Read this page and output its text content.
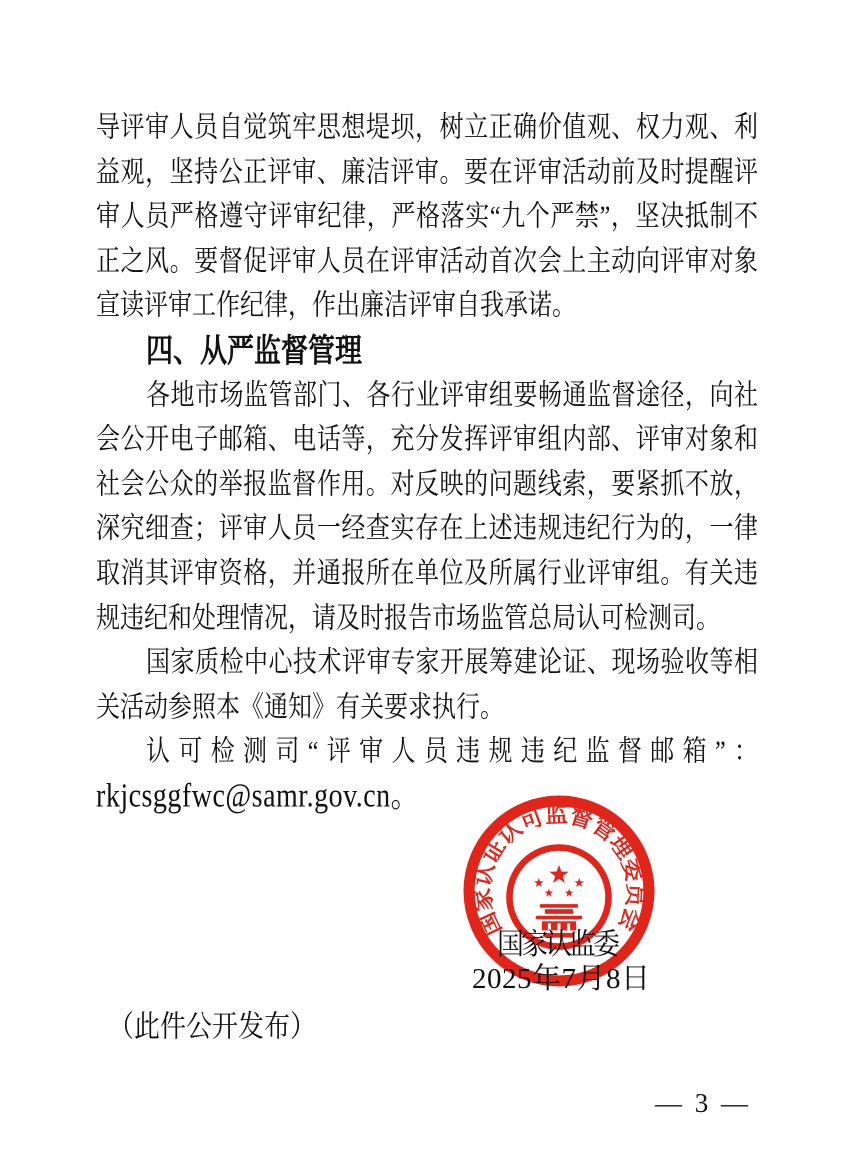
导评审人员自觉筑牢思想堤坝，树立正确价值观、权力观、利
益观，坚持公正评审、廉洁评审。要在评审活动前及时提醒评
审人员严格遵守评审纪律，严格落实“九个严禁”，坚决抵制不
正之风。要督促评审人员在评审活动首次会上主动向评审对象
宣读评审工作纪律，作出廉洁评审自我承诺。
四、从严监督管理
各地市场监管部门、各行业评审组要畅通监督途径，向社
会公开电子邮箱、电话等，充分发挥评审组内部、评审对象和
社会公众的举报监督作用。对反映的问题线索，要紧抓不放，
深究细查；评审人员一经查实存在上述违规违纪行为的，一律
取消其评审资格，并通报所在单位及所属行业评审组。有关违
规违纪和处理情况，请及时报告市场监管总局认可检测司。
国家质检中心技术评审专家开展筹建论证、现场验收等相
关活动参照本《通知》有关要求执行。
认可检测司“评审人员违规违纪监督邮箱”：
rkjcsggfwc@samr.gov.cn。
国家认证认可监督管理委员会
国家认监委
2025年7月8日
（此件公开发布）
— 3 —
